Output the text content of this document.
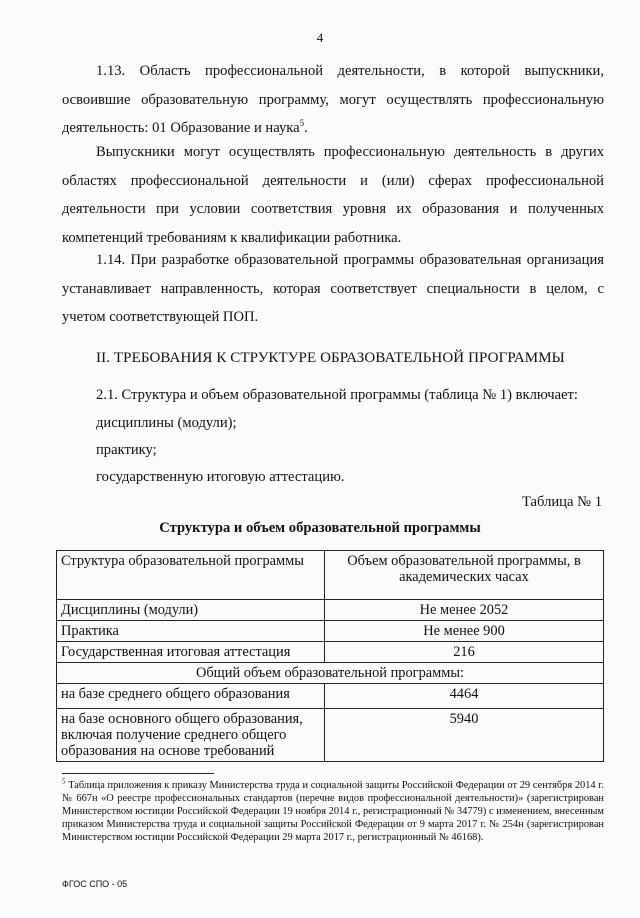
4

1.13. Область профессиональной деятельности, в которой выпускники, освоившие образовательную программу, могут осуществлять профессиональную деятельность: 01 Образование и наука$^5$.

Выпускники могут осуществлять профессиональную деятельность в других областях профессиональной деятельности и (или) сферах профессиональной деятельности при условии соответствия уровня их образования и полученных компетенций требованиям к квалификации работника.

1.14. При разработке образовательной программы образовательная организация устанавливает направленность, которая соответствует специальности в целом, с учетом соответствующей ПОП.

II. ТРЕБОВАНИЯ К СТРУКТУРЕ ОБРАЗОВАТЕЛЬНОЙ ПРОГРАММЫ
2.1. Структура и объем образовательной программы (таблица № 1) включает:
дисциплины (модули);
практику;
государственную итоговую аттестацию.
Таблица № 1
Структура и объем образовательной программы
Структура образовательной программы	Объем образовательной программы, в академических часах
Дисциплины (модули)	Не менее 2052
Практика	Не менее 900
Государственная итоговая аттестация	216
Общий объем образовательной программы:	
на базе среднего общего образования	4464
на базе основного общего образования, включая получение среднего общего образования на основе требований	5940
$^5$ Таблица приложения к приказу Министерства труда и социальной защиты Российской Федерации от 29 сентября 2014 г. № 667н «О реестре профессиональных стандартов (перечне видов профессиональной деятельности)» (зарегистрирован Министерством юстиции Российской Федерации 19 ноября 2014 г., регистрационный № 34779) с изменением, внесенным приказом Министерства труда и социальной защиты Российской Федерации от 9 марта 2017 г. № 254н (зарегистрирован Министерством юстиции Российской Федерации 29 марта 2017 г., регистрационный № 46168).
ФГОС СПО - 05
